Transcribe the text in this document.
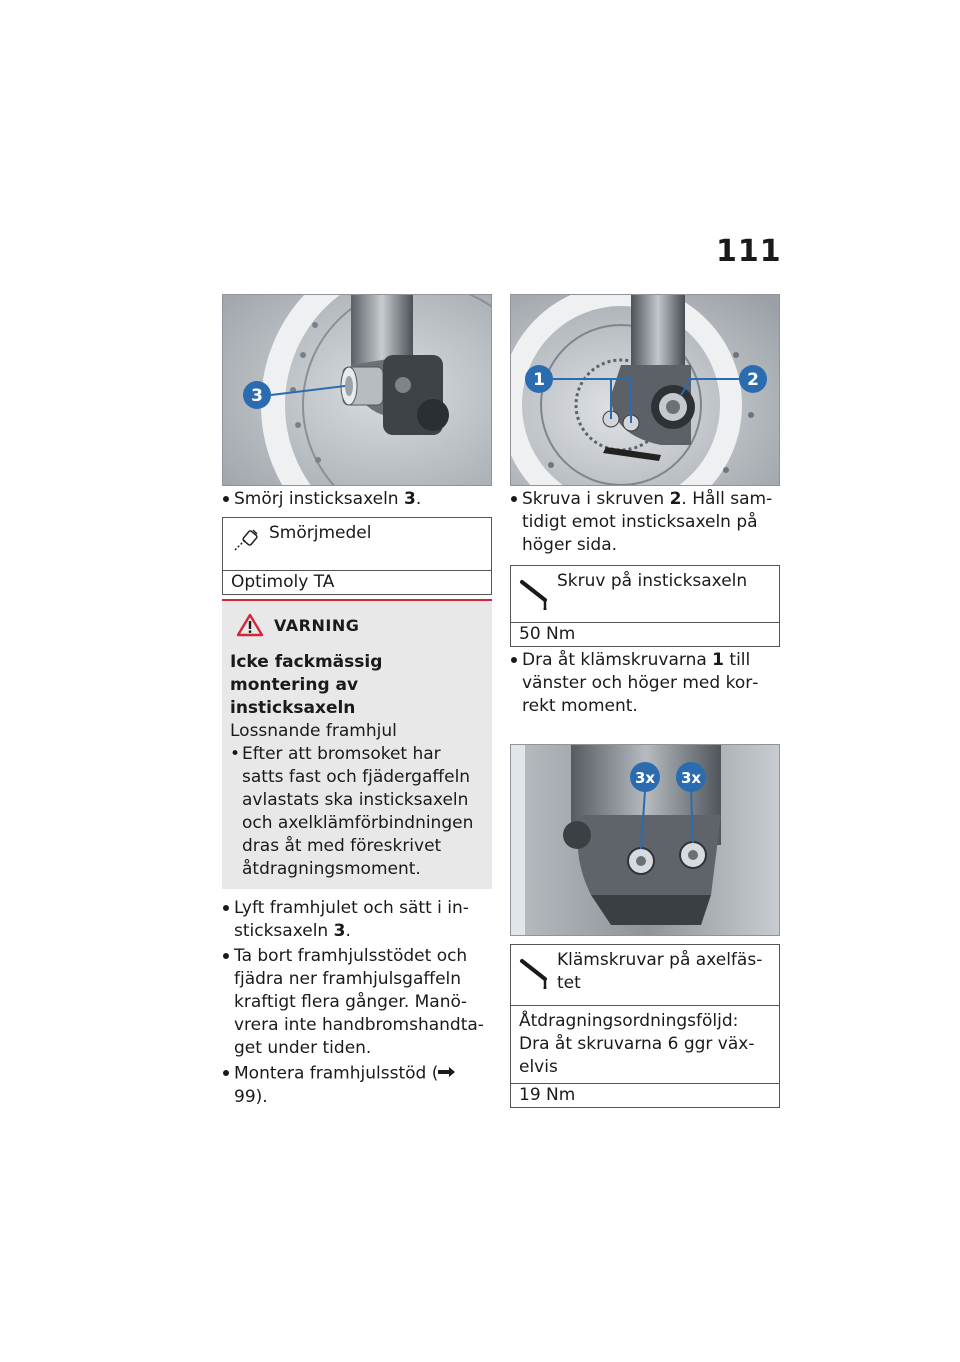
111
3
Smörj insticksaxeln 3.
Smörjmedel
Optimoly TA
VARNING
Icke fackmässig montering av insticksaxeln
Lossnande framhjul
• Efter att bromsoket har satts fast och fjädergaffeln avlastats ska insticksaxeln och axelklämförbindningen dras åt med föreskrivet åtdragningsmoment.
Lyft framhjulet och sätt i insticksaxeln 3.
Ta bort framhjulsstödet och fjädra ner framhjulsgaffeln kraftigt flera gånger. Manövrera inte handbromshandtaget under tiden.
Montera framhjulsstöd ( 99).
1	2
Skruva i skruven 2. Håll samtidigt emot insticksaxeln på höger sida.
Skruv på insticksaxeln
50 Nm
Dra åt klämskruvarna 1 till vänster och höger med korrekt moment.
3x 3x
Klämskruvar på axelfästet
Åtdragningsordningsföljd: Dra åt skruvarna 6 ggr växelvis
19 Nm
